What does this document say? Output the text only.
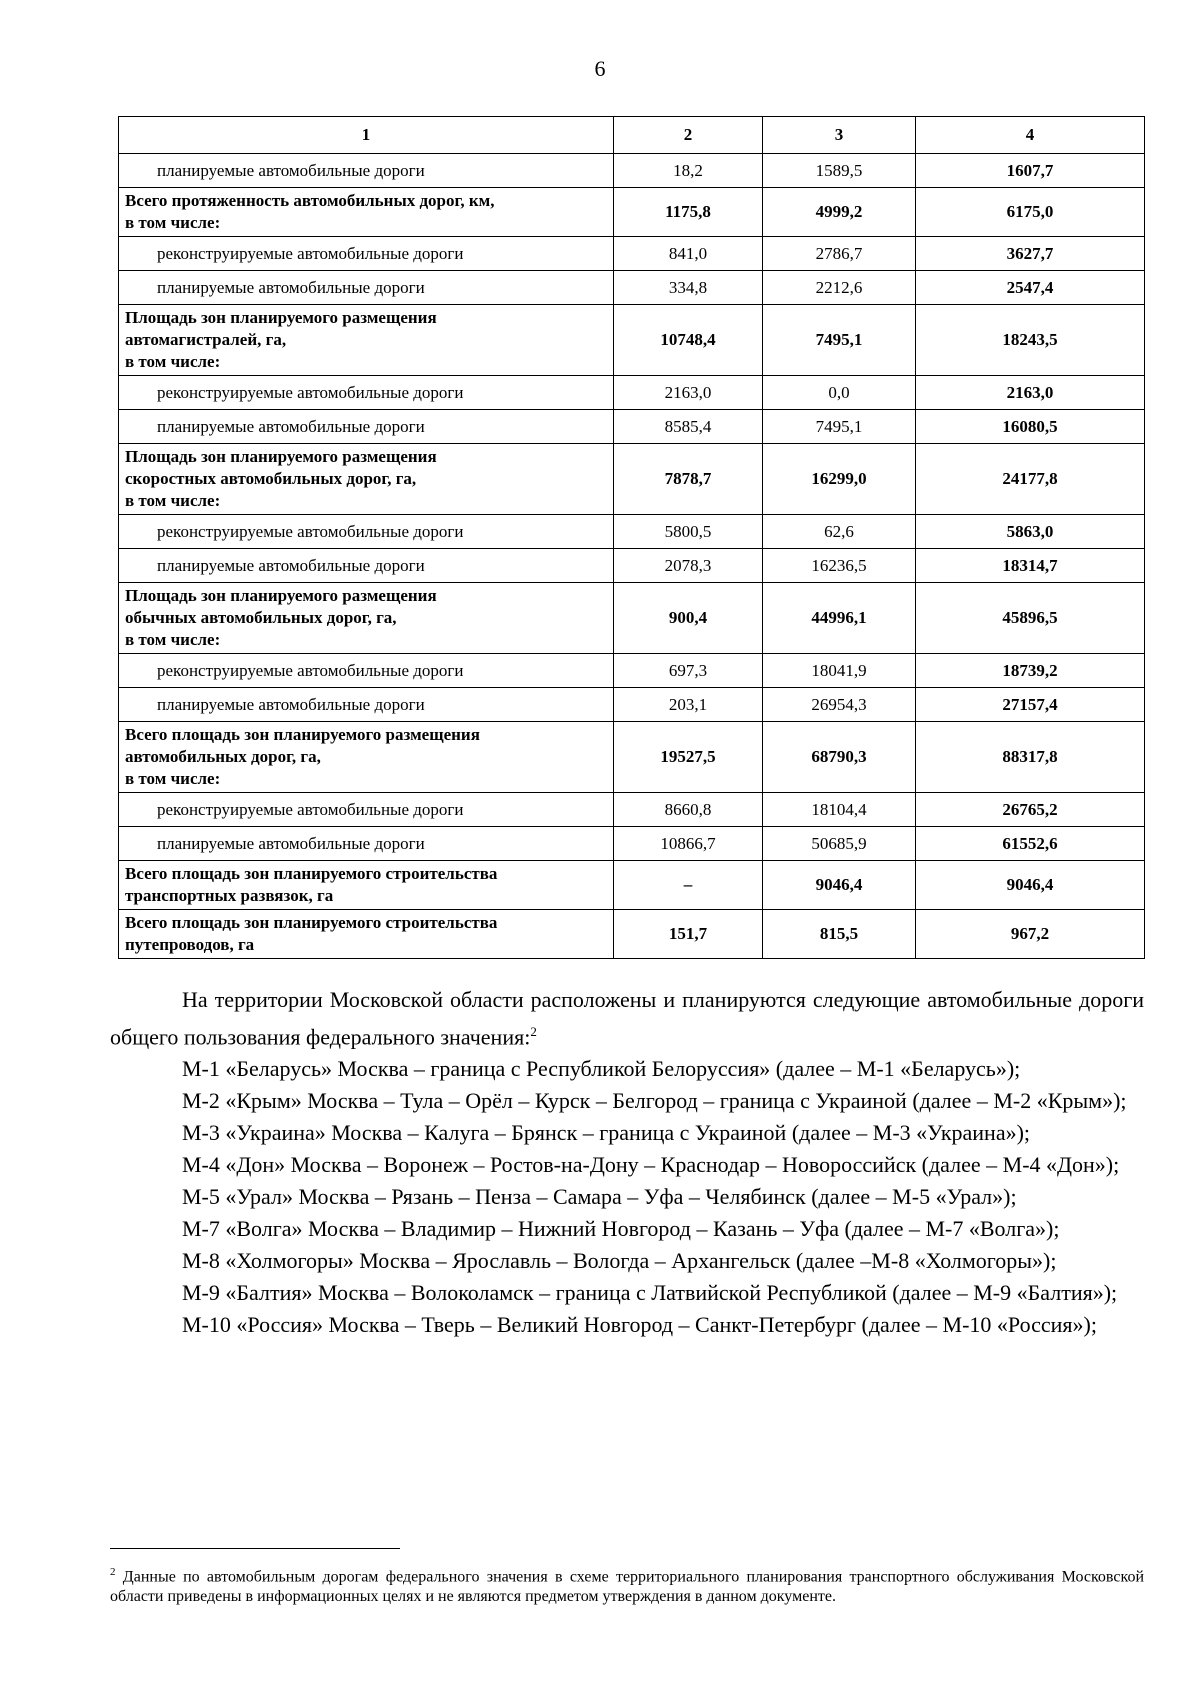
6
1	2	3	4
планируемые автомобильные дороги	18,2	1589,5	1607,7
Всего протяженность автомобильных дорог, км,
в том числе:	1175,8	4999,2	6175,0
реконструируемые автомобильные дороги	841,0	2786,7	3627,7
планируемые автомобильные дороги	334,8	2212,6	2547,4
Площадь зон планируемого размещения
автомагистралей, га,
в том числе:	10748,4	7495,1	18243,5
реконструируемые автомобильные дороги	2163,0	0,0	2163,0
планируемые автомобильные дороги	8585,4	7495,1	16080,5
Площадь зон планируемого размещения
скоростных автомобильных дорог, га,
в том числе:	7878,7	16299,0	24177,8
реконструируемые автомобильные дороги	5800,5	62,6	5863,0
планируемые автомобильные дороги	2078,3	16236,5	18314,7
Площадь зон планируемого размещения
обычных автомобильных дорог, га,
в том числе:	900,4	44996,1	45896,5
реконструируемые автомобильные дороги	697,3	18041,9	18739,2
планируемые автомобильные дороги	203,1	26954,3	27157,4
Всего площадь зон планируемого размещения
автомобильных дорог, га,
в том числе:	19527,5	68790,3	88317,8
реконструируемые автомобильные дороги	8660,8	18104,4	26765,2
планируемые автомобильные дороги	10866,7	50685,9	61552,6
Всего площадь зон планируемого строительства
транспортных развязок, га	–	9046,4	9046,4
Всего площадь зон планируемого строительства
путепроводов, га	151,7	815,5	967,2

На территории Московской области расположены и планируются следующие автомобильные дороги общего пользования федерального значения:$^2$

М-1 «Беларусь» Москва – граница с Республикой Белоруссия» (далее – М-1 «Беларусь»);

М-2 «Крым» Москва – Тула – Орёл – Курск – Белгород – граница с Украиной (далее – М-2 «Крым»);

М-3 «Украина» Москва – Калуга – Брянск – граница с Украиной (далее – М-3 «Украина»);

М-4 «Дон» Москва – Воронеж – Ростов-на-Дону – Краснодар – Новороссийск (далее – М-4 «Дон»);

М-5 «Урал» Москва – Рязань – Пенза – Самара – Уфа – Челябинск (далее – М-5 «Урал»);

М-7 «Волга» Москва – Владимир – Нижний Новгород – Казань – Уфа (далее – М-7 «Волга»);

М-8 «Холмогоры» Москва – Ярославль – Вологда – Архангельск (далее –М-8 «Холмогоры»);

М-9 «Балтия» Москва – Волоколамск – граница с Латвийской Республикой (далее – М-9 «Балтия»);

М-10 «Россия» Москва – Тверь – Великий Новгород – Санкт-Петербург (далее – М-10 «Россия»);

$^2$ Данные по автомобильным дорогам федерального значения в схеме территориального планирования транспортного обслуживания Московской области приведены в информационных целях и не являются предметом утверждения в данном документе.
